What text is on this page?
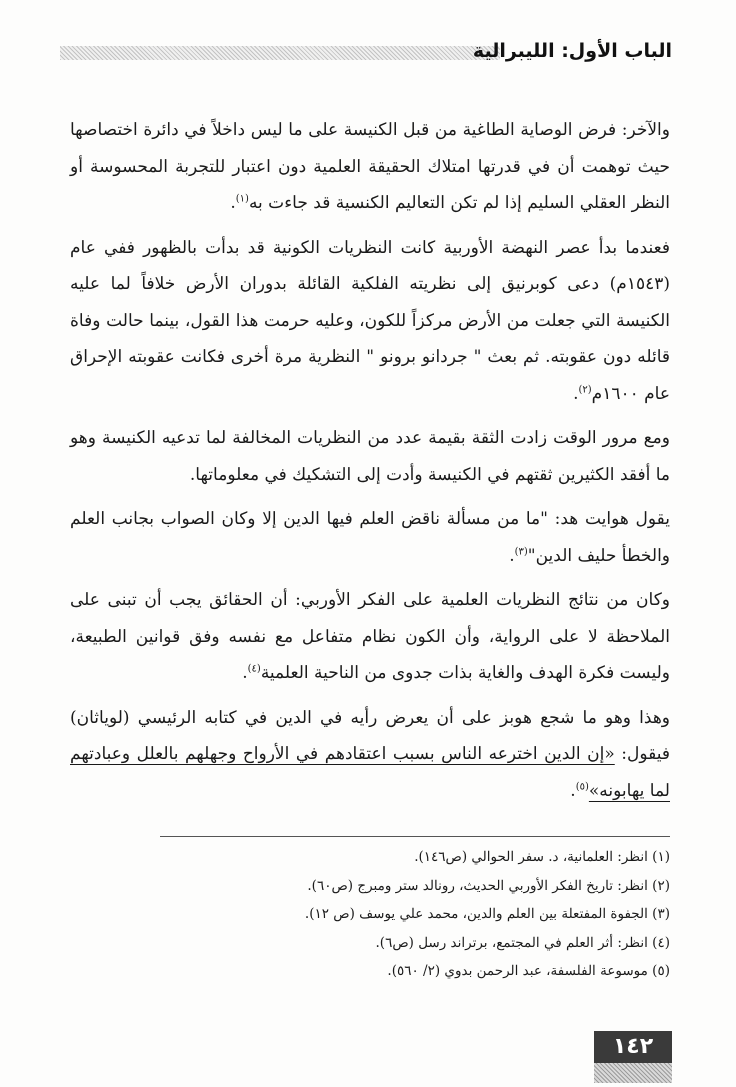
الباب الأول: الليبرالية

والآخر: فرض الوصاية الطاغية من قبل الكنيسة على ما ليس داخلاً في دائرة اختصاصها حيث توهمت أن في قدرتها امتلاك الحقيقة العلمية دون اعتبار للتجربة المحسوسة أو النظر العقلي السليم إذا لم تكن التعاليم الكنسية قد جاءت به$^{(١)}$.

فعندما بدأ عصر النهضة الأوربية كانت النظريات الكونية قد بدأت بالظهور ففي عام (١٥٤٣م) دعى كوبرنيق إلى نظريته الفلكية القائلة بدوران الأرض خلافاً لما عليه الكنيسة التي جعلت من الأرض مركزاً للكون، وعليه حرمت هذا القول، بينما حالت وفاة قائله دون عقوبته. ثم بعث " جردانو برونو " النظرية مرة أخرى فكانت عقوبته الإحراق عام ١٦٠٠م$^{(٢)}$.

ومع مرور الوقت زادت الثقة بقيمة عدد من النظريات المخالفة لما تدعيه الكنيسة وهو ما أفقد الكثيرين ثقتهم في الكنيسة وأدت إلى التشكيك في معلوماتها.

يقول هوايت هد: "ما من مسألة ناقض العلم فيها الدين إلا وكان الصواب بجانب العلم والخطأ حليف الدين"$^{(٣)}$.

وكان من نتائج النظريات العلمية على الفكر الأوربي: أن الحقائق يجب أن تبنى على الملاحظة لا على الرواية، وأن الكون نظام متفاعل مع نفسه وفق قوانين الطبيعة، وليست فكرة الهدف والغاية بذات جدوى من الناحية العلمية$^{(٤)}$.

وهذا وهو ما شجع هوبز على أن يعرض رأيه في الدين في كتابه الرئيسي (لوياثان) فيقول: «إن الدين اخترعه الناس بسبب اعتقادهم في الأرواح وجهلهم بالعلل وعبادتهم لما يهابونه»$^{(٥)}$.

(١) انظر: العلمانية، د. سفر الحوالي (ص١٤٦).
(٢) انظر: تاريخ الفكر الأوربي الحديث، رونالد ستر ومبرج (ص٦٠).
(٣) الجفوة المفتعلة بين العلم والدين، محمد علي يوسف (ص ١٢).
(٤) انظر: أثر العلم في المجتمع، برتراند رسل (ص٦).
(٥) موسوعة الفلسفة، عبد الرحمن بدوي (٢/ ٥٦٠).
١٤٢
